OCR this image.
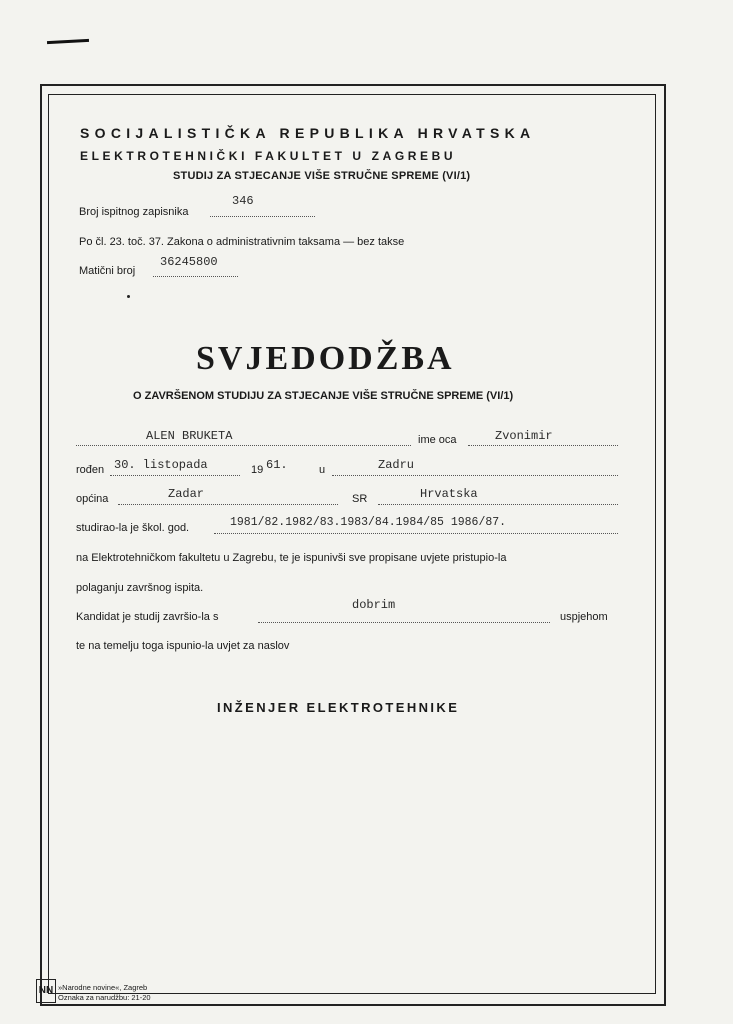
SOCIJALISTIČKA REPUBLIKA HRVATSKA
ELEKTROTEHNIČKI FAKULTET U ZAGREBU
STUDIJ ZA STJECANJE VIŠE STRUČNE SPREME (VI/1)
Broj ispitnog zapisnika
346
Po čl. 23. toč. 37. Zakona o administrativnim taksama — bez takse
Matični broj
36245800
SVJEDODŽBA
O ZAVRŠENOM STUDIJU ZA STJECANJE VIŠE STRUČNE SPREME (VI/1)
ALEN BRUKETA	ime oca	Zvonimir
rođen 30. listopada	19 61.	u	Zadru
općina	Zadar	SR	Hrvatska
studirao-la je škol. god.	1981/82.1982/83.1983/84.1984/85 1986/87.
na Elektrotehničkom fakultetu u Zagrebu, te je ispunivši sve propisane uvjete pristupio-la
polaganju završnog ispita.
Kandidat je studij završio-la s
dobrim
uspjehom
te na temelju toga ispunio-la uvjet za naslov
INŽENJER ELEKTROTEHNIKE
NN »Narodne novine«, Zagreb
Oznaka za narudžbu: 21-20
